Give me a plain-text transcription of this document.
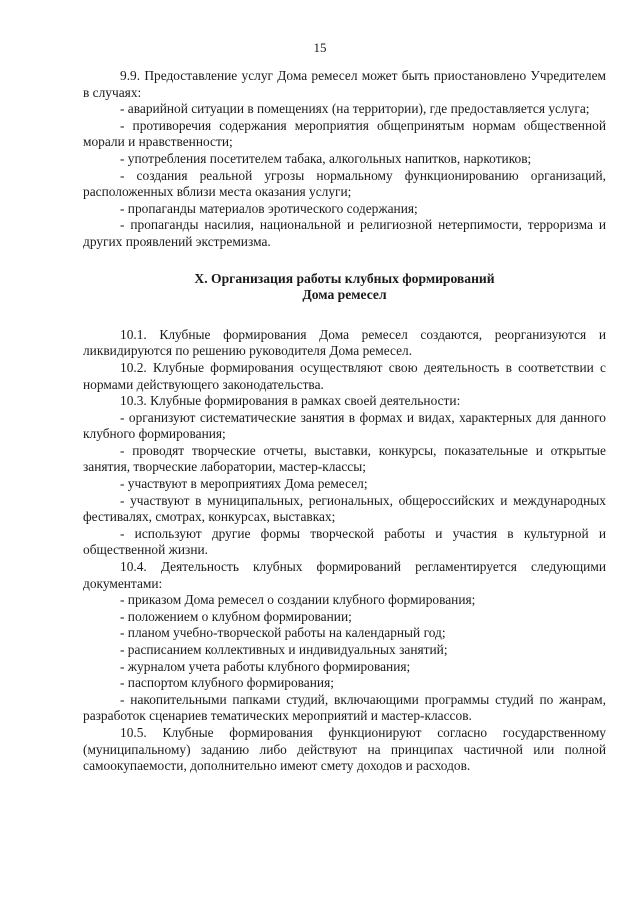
15

9.9. Предоставление услуг Дома ремесел может быть приостановлено Учредителем в случаях:

- аварийной ситуации в помещениях (на территории), где предоставляется услуга;

- противоречия содержания мероприятия общепринятым нормам общественной морали и нравственности;

- употребления посетителем табака, алкогольных напитков, наркотиков;

- создания реальной угрозы нормальному функционированию организаций, расположенных вблизи места оказания услуги;

- пропаганды материалов эротического содержания;

- пропаганды насилия, национальной и религиозной нетерпимости, терроризма и других проявлений экстремизма.

X. Организация работы клубных формирований
Дома ремесел

10.1. Клубные формирования Дома ремесел создаются, реорганизуются и ликвидируются по решению руководителя Дома ремесел.

10.2. Клубные формирования осуществляют свою деятельность в соответствии с нормами действующего законодательства.

10.3. Клубные формирования в рамках своей деятельности:

- организуют систематические занятия в формах и видах, характерных для данного клубного формирования;

- проводят творческие отчеты, выставки, конкурсы, показательные и открытые занятия, творческие лаборатории, мастер-классы;

- участвуют в мероприятиях Дома ремесел;

- участвуют в муниципальных, региональных, общероссийских и международных фестивалях, смотрах, конкурсах, выставках;

- используют другие формы творческой работы и участия в культурной и общественной жизни.

10.4. Деятельность клубных формирований регламентируется следующими документами:

- приказом Дома ремесел о создании клубного формирования;

- положением о клубном формировании;

- планом учебно-творческой работы на календарный год;

- расписанием коллективных и индивидуальных занятий;

- журналом учета работы клубного формирования;

- паспортом клубного формирования;

- накопительными папками студий, включающими программы студий по жанрам, разработок сценариев тематических мероприятий и мастер-классов.

10.5. Клубные формирования функционируют согласно государственному (муниципальному) заданию либо действуют на принципах частичной или полной самоокупаемости, дополнительно имеют смету доходов и расходов.
